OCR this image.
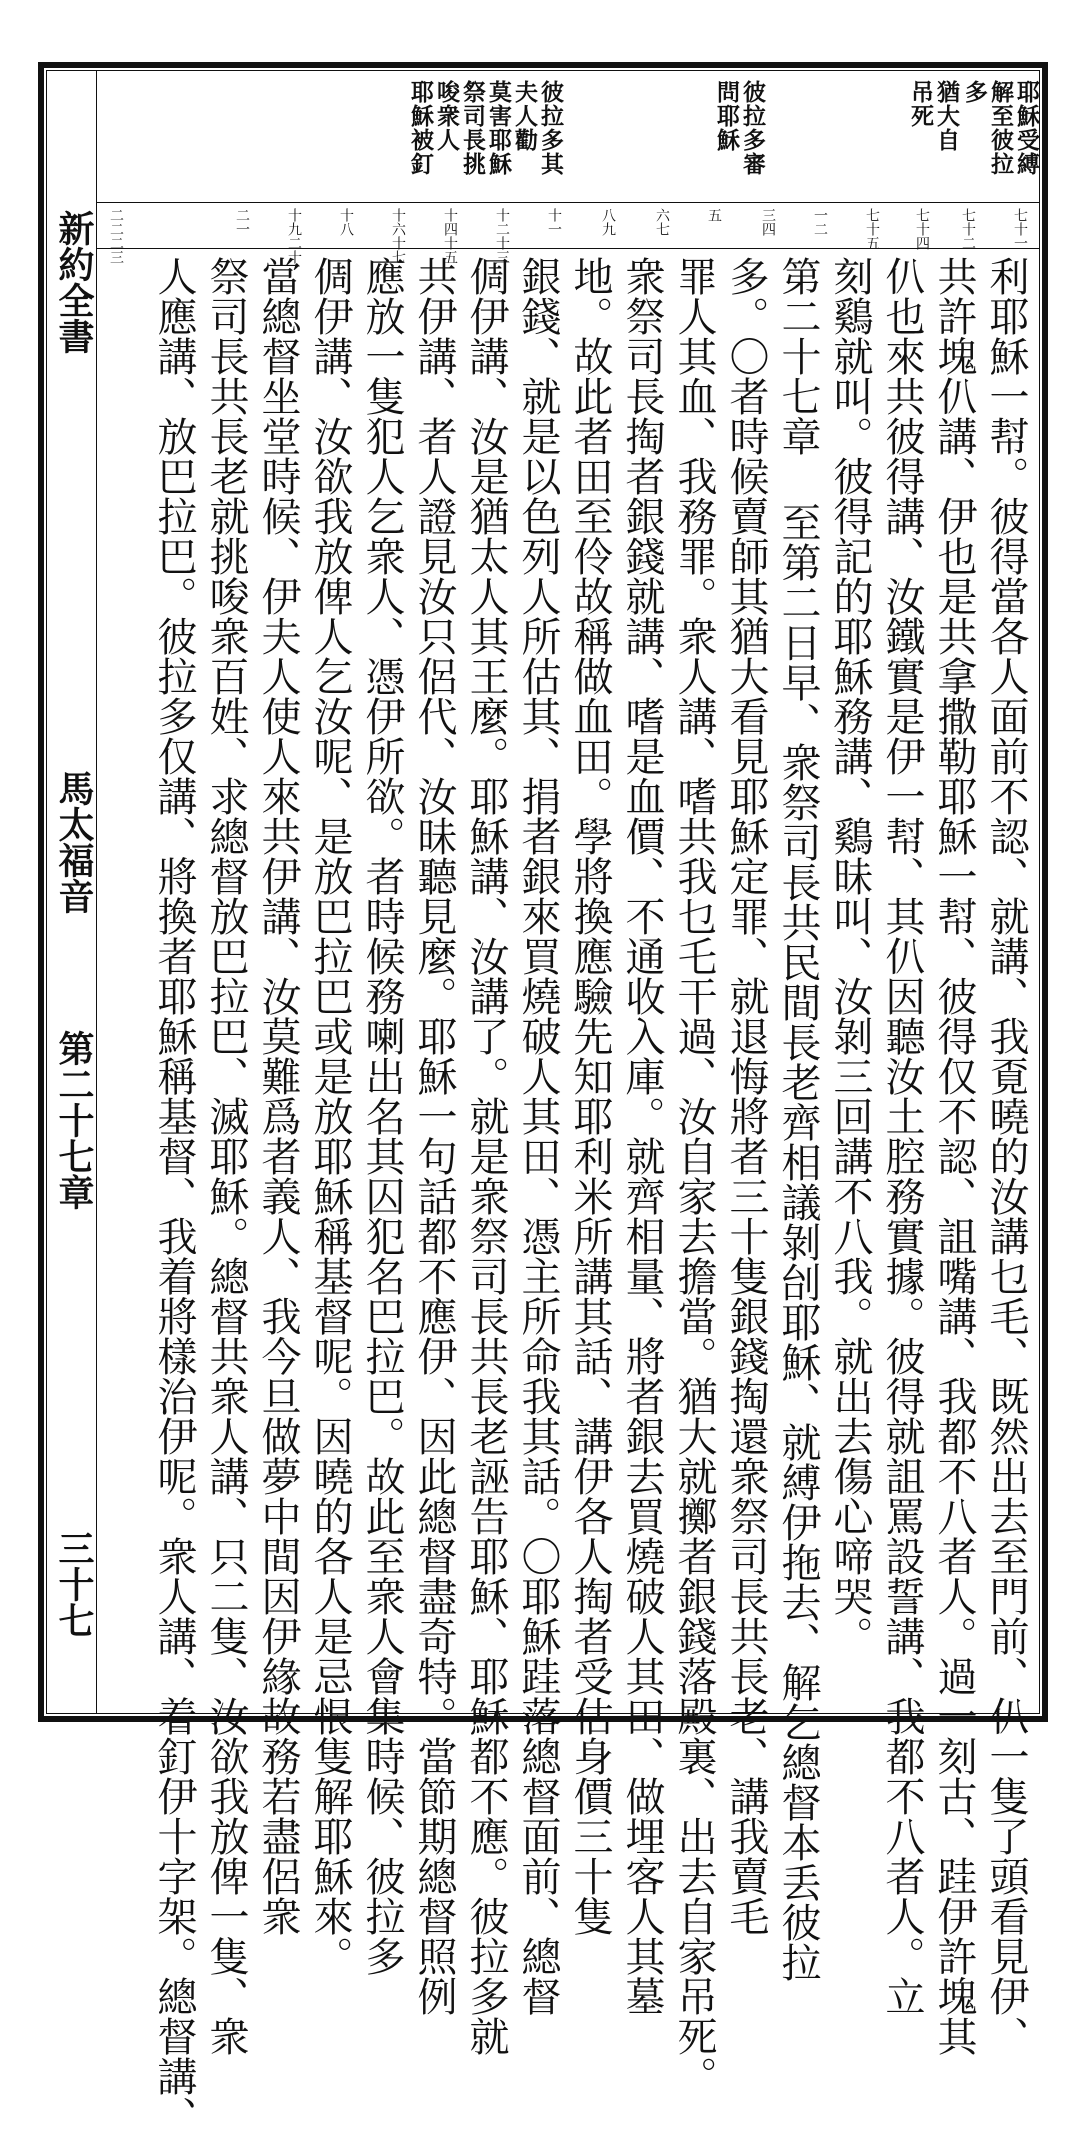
耶穌受縛
解至彼拉
多
猶大自
吊死
彼拉多審
問耶穌
彼拉多其
夫人勸
莫害耶穌
祭司長挑
唆衆人
耶穌被釘
七十一
七十二
七十四
七十五
一二
三四
五
六七
八九
十一
十二十三
十四十五
十六十七
十八
十九二十
二一
二二二三
新約全書
馬太福音
第二十七章
三十七	利耶穌一幇。彼得當各人面前不認、就講、我覔曉的汝講乜毛、既然出去至門前、仈一隻了頭看見伊、
共許塊仈講、伊也是共拿撒勒耶穌一幇、彼得仅不認、詛嘴講、我都不八者人。過一刻古、跬伊許塊其
仈也來共彼得講、汝鐵實是伊一幇、其仈因聽汝土腔務實據。彼得就詛罵設誓講、我都不八者人。立
刻鷄就叫。彼得記的耶穌務講、鷄昧叫、汝剝三回講不八我。就出去傷心啼哭。
第二十七章 至第二日早、衆祭司長共民間長老齊相議剝刣耶穌、就縛伊拖去、解乞總督本丢彼拉
多。〇者時候賣師其猶大看見耶穌定罪、就退悔將者三十隻銀錢掏還衆祭司長共長老、講我賣毛
罪人其血、我務罪。衆人講、嗜共我乜乇干過、汝自家去擔當。猶大就擲者銀錢落殿裏、出去自家吊死。
衆祭司長掏者銀錢就講、嗜是血價、不通收入庫。就齊相量、將者銀去買燒破人其田、做埋客人其墓
地。故此者田至伶故稱做血田。學將換應驗先知耶利米所講其話、講伊各人掏者受估身價三十隻
銀錢、就是以色列人所估其、捐者銀來買燒破人其田、憑主所命我其話。〇耶穌跬落總督面前、總督
倜伊講、汝是猶太人其王麼。耶穌講、汝講了。就是衆祭司長共長老誣告耶穌、耶穌都不應。彼拉多就
共伊講、者人證見汝只侶代、汝昧聽見麼。耶穌一句話都不應伊、因此總督盡奇特。當節期總督照例
應放一隻犯人乞衆人、憑伊所欲。者時候務喇出名其囚犯名巴拉巴。故此至衆人會集時候、彼拉多
倜伊講、汝欲我放俾人乞汝呢、是放巴拉巴或是放耶穌稱基督呢。因曉的各人是忌恨隻解耶穌來。
當總督坐堂時候、伊夫人使人來共伊講、汝莫難爲者義人、我今旦做夢中間因伊緣故務若盡侶衆
祭司長共長老就挑唆衆百姓、求總督放巴拉巴、滅耶穌。總督共衆人講、只二隻、汝欲我放俾一隻、衆
人應講、放巴拉巴。彼拉多仅講、將換者耶穌稱基督、我着將樣治伊呢。衆人講、着釘伊十字架。總督講、
